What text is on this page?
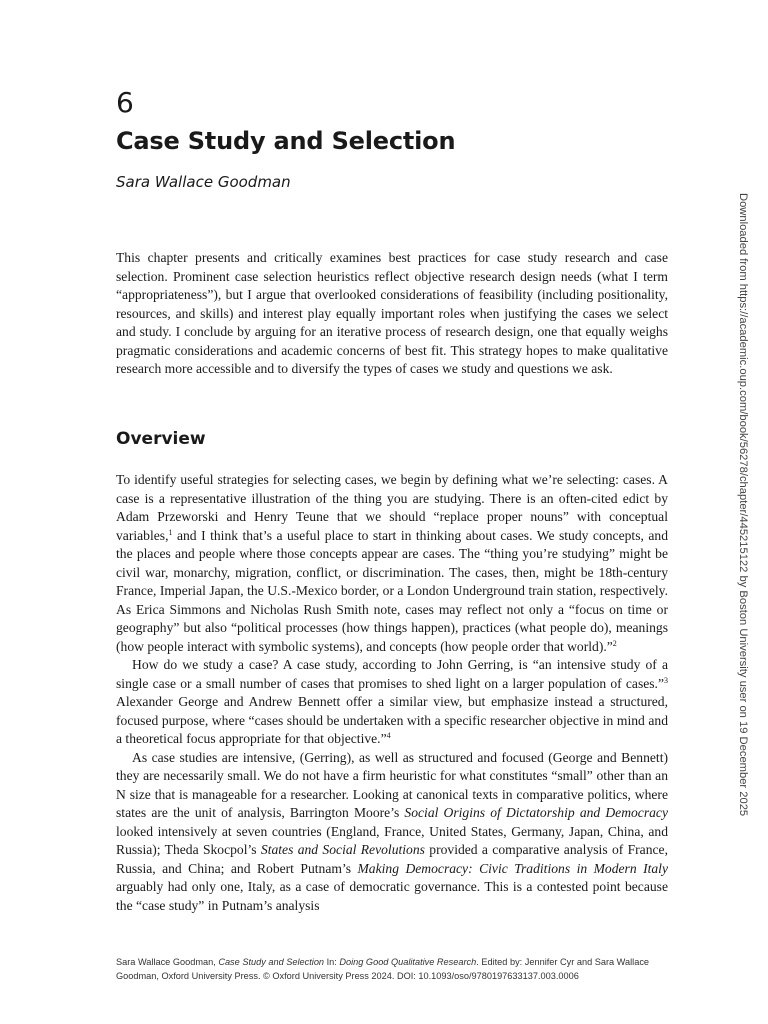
6
Case Study and Selection
Sara Wallace Goodman

This chapter presents and critically examines best practices for case study research and case selection. Prominent case selection heuristics reflect objective research design needs (what I term “appropriateness”), but I argue that overlooked considerations of feasibility (including positionality, resources, and skills) and interest play equally important roles when justifying the cases we select and study. I conclude by arguing for an iterative process of research design, one that equally weighs pragmatic considerations and academic concerns of best fit. This strategy hopes to make qualitative research more accessible and to diversify the types of cases we study and questions we ask.

Overview

To identify useful strategies for selecting cases, we begin by defining what we’re selecting: cases. A case is a representative illustration of the thing you are studying. There is an often-cited edict by Adam Przeworski and Henry Teune that we should “replace proper nouns” with conceptual variables,$^1$ and I think that’s a useful place to start in thinking about cases. We study concepts, and the places and people where those concepts appear are cases. The “thing you’re studying” might be civil war, monarchy, migration, conflict, or discrimination. The cases, then, might be 18th-century France, Imperial Japan, the U.S.-Mexico border, or a London Underground train station, respectively. As Erica Simmons and Nicholas Rush Smith note, cases may reflect not only a “focus on time or geography” but also “political processes (how things happen), practices (what people do), meanings (how people interact with symbolic systems), and concepts (how people order that world).”$^2$

How do we study a case? A case study, according to John Gerring, is “an intensive study of a single case or a small number of cases that promises to shed light on a larger population of cases.”$^3$ Alexander George and Andrew Bennett offer a similar view, but emphasize instead a structured, focused purpose, where “cases should be undertaken with a specific researcher objective in mind and a theoretical focus appropriate for that objective.”$^4$

As case studies are intensive, (Gerring), as well as structured and focused (George and Bennett) they are necessarily small. We do not have a firm heuristic for what constitutes “small” other than an N size that is manageable for a researcher. Looking at canonical texts in comparative politics, where states are the unit of analysis, Barrington Moore’s Social Origins of Dictatorship and Democracy looked intensively at seven countries (England, France, United States, Germany, Japan, China, and Russia); Theda Skocpol’s States and Social Revolutions provided a comparative analysis of France, Russia, and China; and Robert Putnam’s Making Democracy: Civic Traditions in Modern Italy arguably had only one, Italy, as a case of democratic governance. This is a contested point because the “case study” in Putnam’s analysis

Sara Wallace Goodman, Case Study and Selection In: Doing Good Qualitative Research. Edited by: Jennifer Cyr and Sara Wallace Goodman, Oxford University Press. © Oxford University Press 2024. DOI: 10.1093/oso/9780197633137.003.0006
Downloaded from https://academic.oup.com/book/56278/chapter/445215122 by Boston University user on 19 December 2025
